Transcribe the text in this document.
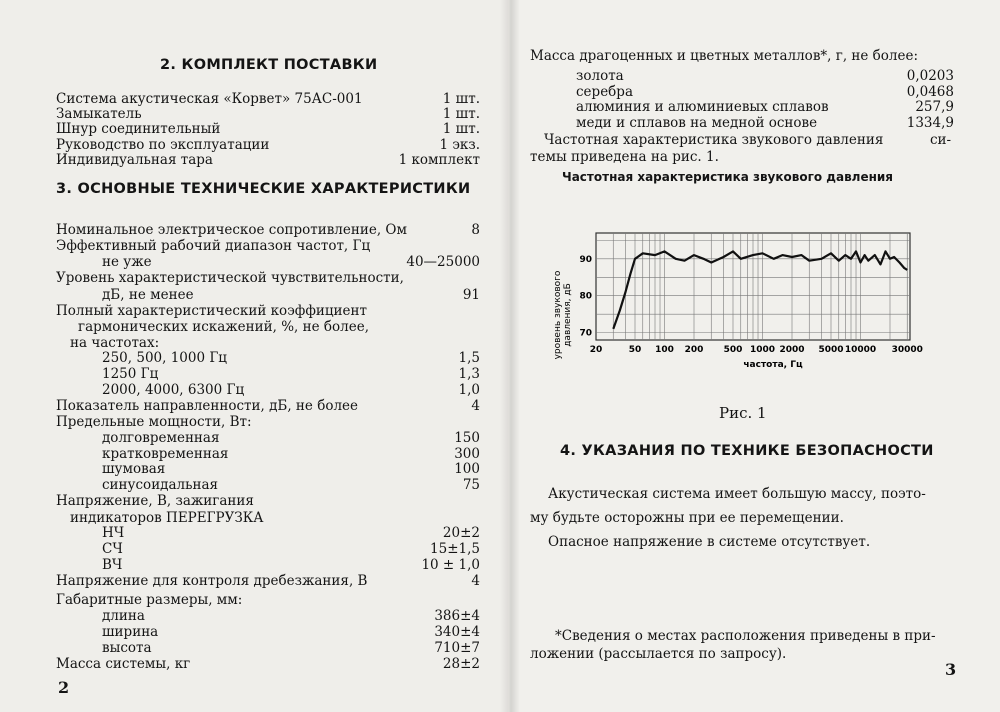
2. КОМПЛЕКТ ПОСТАВКИ
Система акустическая «Корвет» 75АС-001	1 шт.
Замыкатель	1 шт.
Шнур соединительный	1 шт.
Руководство по эксплуатации	1 экз.
Индивидуальная тара	1 комплект
3. ОСНОВНЫЕ ТЕХНИЧЕСКИЕ ХАРАКТЕРИСТИКИ
Номинальное электрическое сопротивление, Ом	8
Эффективный рабочий диапазон частот, Гц
не уже	40—25000
Уровень характеристической чувствительности,
дБ, не менее	91
Полный характеристический коэффициент
гармонических искажений, %, не более,
на частотах:
250, 500, 1000 Гц	1,5
1250 Гц	1,3
2000, 4000, 6300 Гц	1,0
Показатель направленности, дБ, не более	4
Предельные мощности, Вт:
долговременная	150
кратковременная	300
шумовая	100
синусоидальная	75
Напряжение, В, зажигания
индикаторов ПЕРЕГРУЗКА
НЧ	20±2
СЧ	15±1,5
ВЧ	10 ± 1,0
Напряжение для контроля дребезжания, В	4
Габаритные размеры, мм:
длина	386±4
ширина	340±4
высота	710±7
Масса системы, кг	28±2
2
Масса драгоценных и цветных металлов*, г, не более:
золота	0,0203
серебра	0,0468
алюминия и алюминиевых сплавов	257,9
меди и сплавов на медной основе	1334,9
Частотная характеристика звукового давления	си-
темы приведена на рис. 1.
Частотная характеристика звукового давления
20	50 100 200 500 1000 2000 5000 10000 30000
70
80
90
уровень звукового давления, дБ
частота, Гц
Рис. 1
4. УКАЗАНИЯ ПО ТЕХНИКЕ БЕЗОПАСНОСТИ
Акустическая система имеет большую массу, поэто-
му будьте осторожны при ее перемещении.
Опасное напряжение в системе отсутствует.
*Сведения о местах расположения приведены в при-
ложении (рассылается по запросу).
3
